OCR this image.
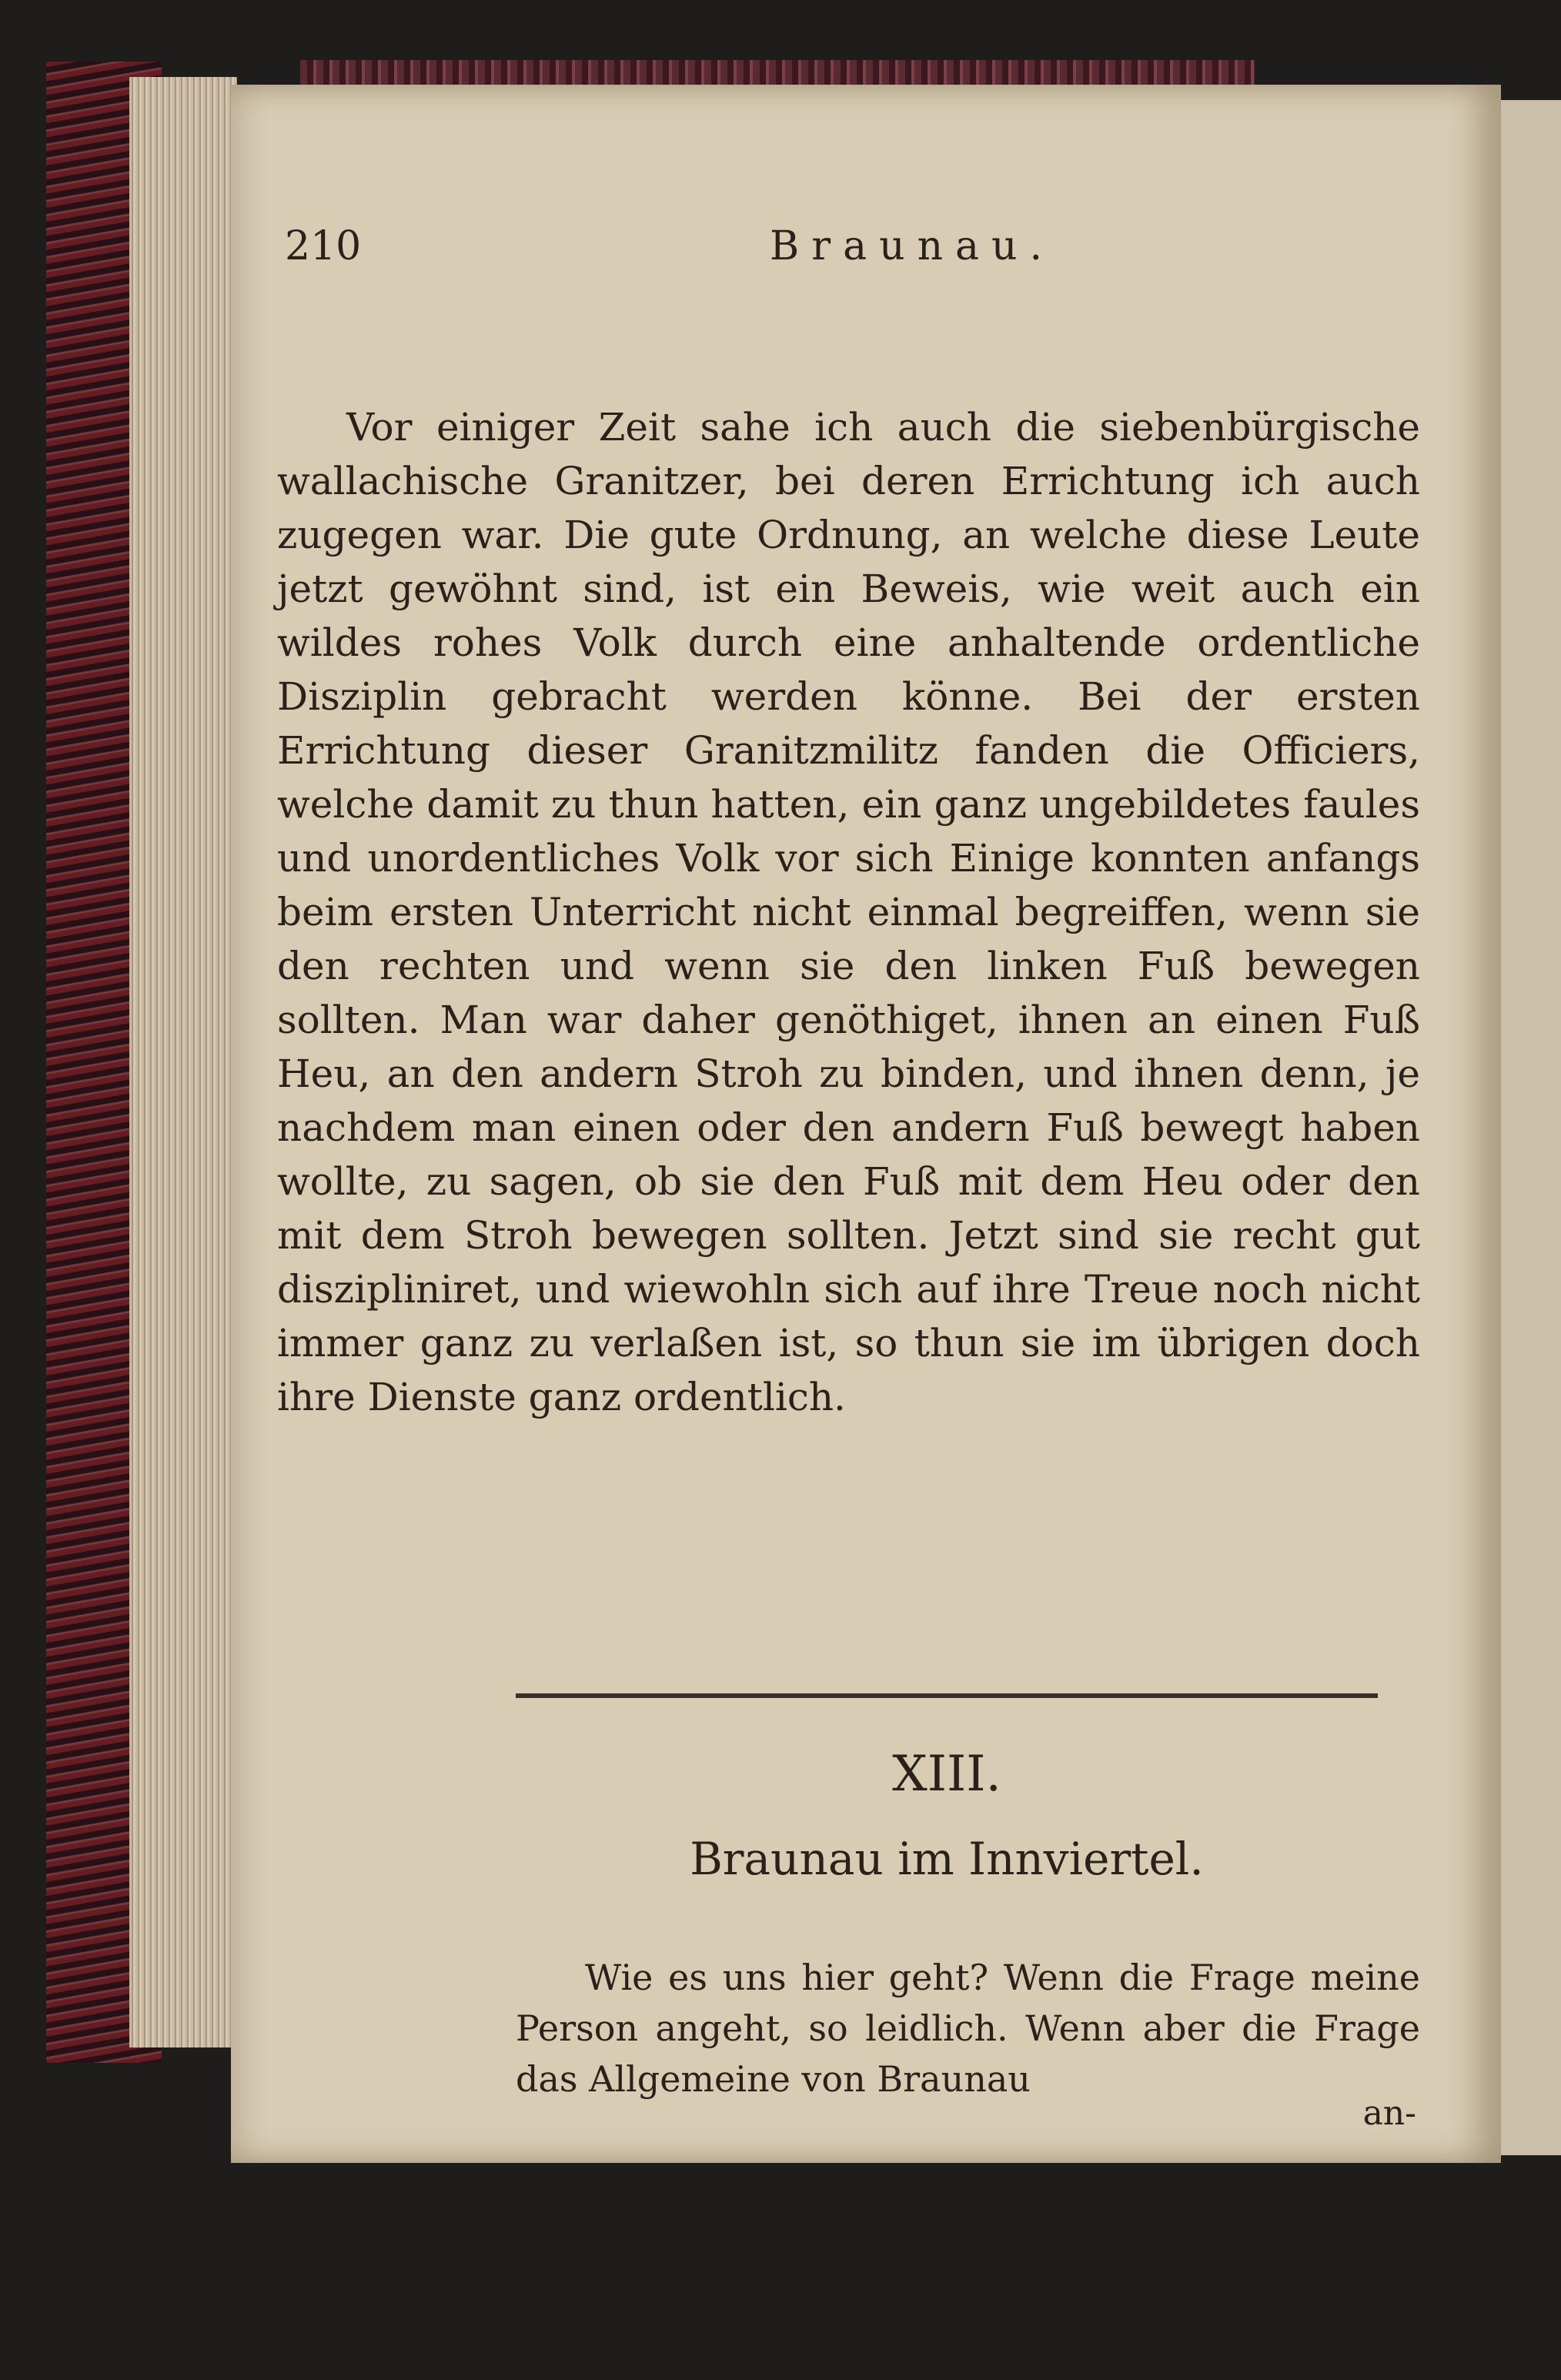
210	Braunau.

Vor einiger Zeit sahe ich auch die siebenbürgische wallachische Granitzer, bei deren Errichtung ich auch zugegen war. Die gute Ordnung, an welche diese Leute jetzt gewöhnt sind, ist ein Beweis, wie weit auch ein wildes rohes Volk durch eine anhaltende ordentliche Disziplin gebracht werden könne. Bei der ersten Errichtung dieser Granitzmilitz fanden die Officiers, welche damit zu thun hatten, ein ganz ungebildetes faules und unordentliches Volk vor sich Einige konnten anfangs beim ersten Unterricht nicht einmal begreiffen, wenn sie den rechten und wenn sie den linken Fuß bewegen sollten. Man war daher genöthiget, ihnen an einen Fuß Heu, an den andern Stroh zu binden, und ihnen denn, je nachdem man einen oder den andern Fuß bewegt haben wollte, zu sagen, ob sie den Fuß mit dem Heu oder den mit dem Stroh bewegen sollten. Jetzt sind sie recht gut diszipliniret, und wiewohln sich auf ihre Treue noch nicht immer ganz zu verlaßen ist, so thun sie im übrigen doch ihre Dienste ganz ordentlich.

XIII.
Braunau im Innviertel.

Wie es uns hier geht? Wenn die Frage meine Person angeht, so leidlich. Wenn aber die Frage das Allgemeine von Braunau

an-
